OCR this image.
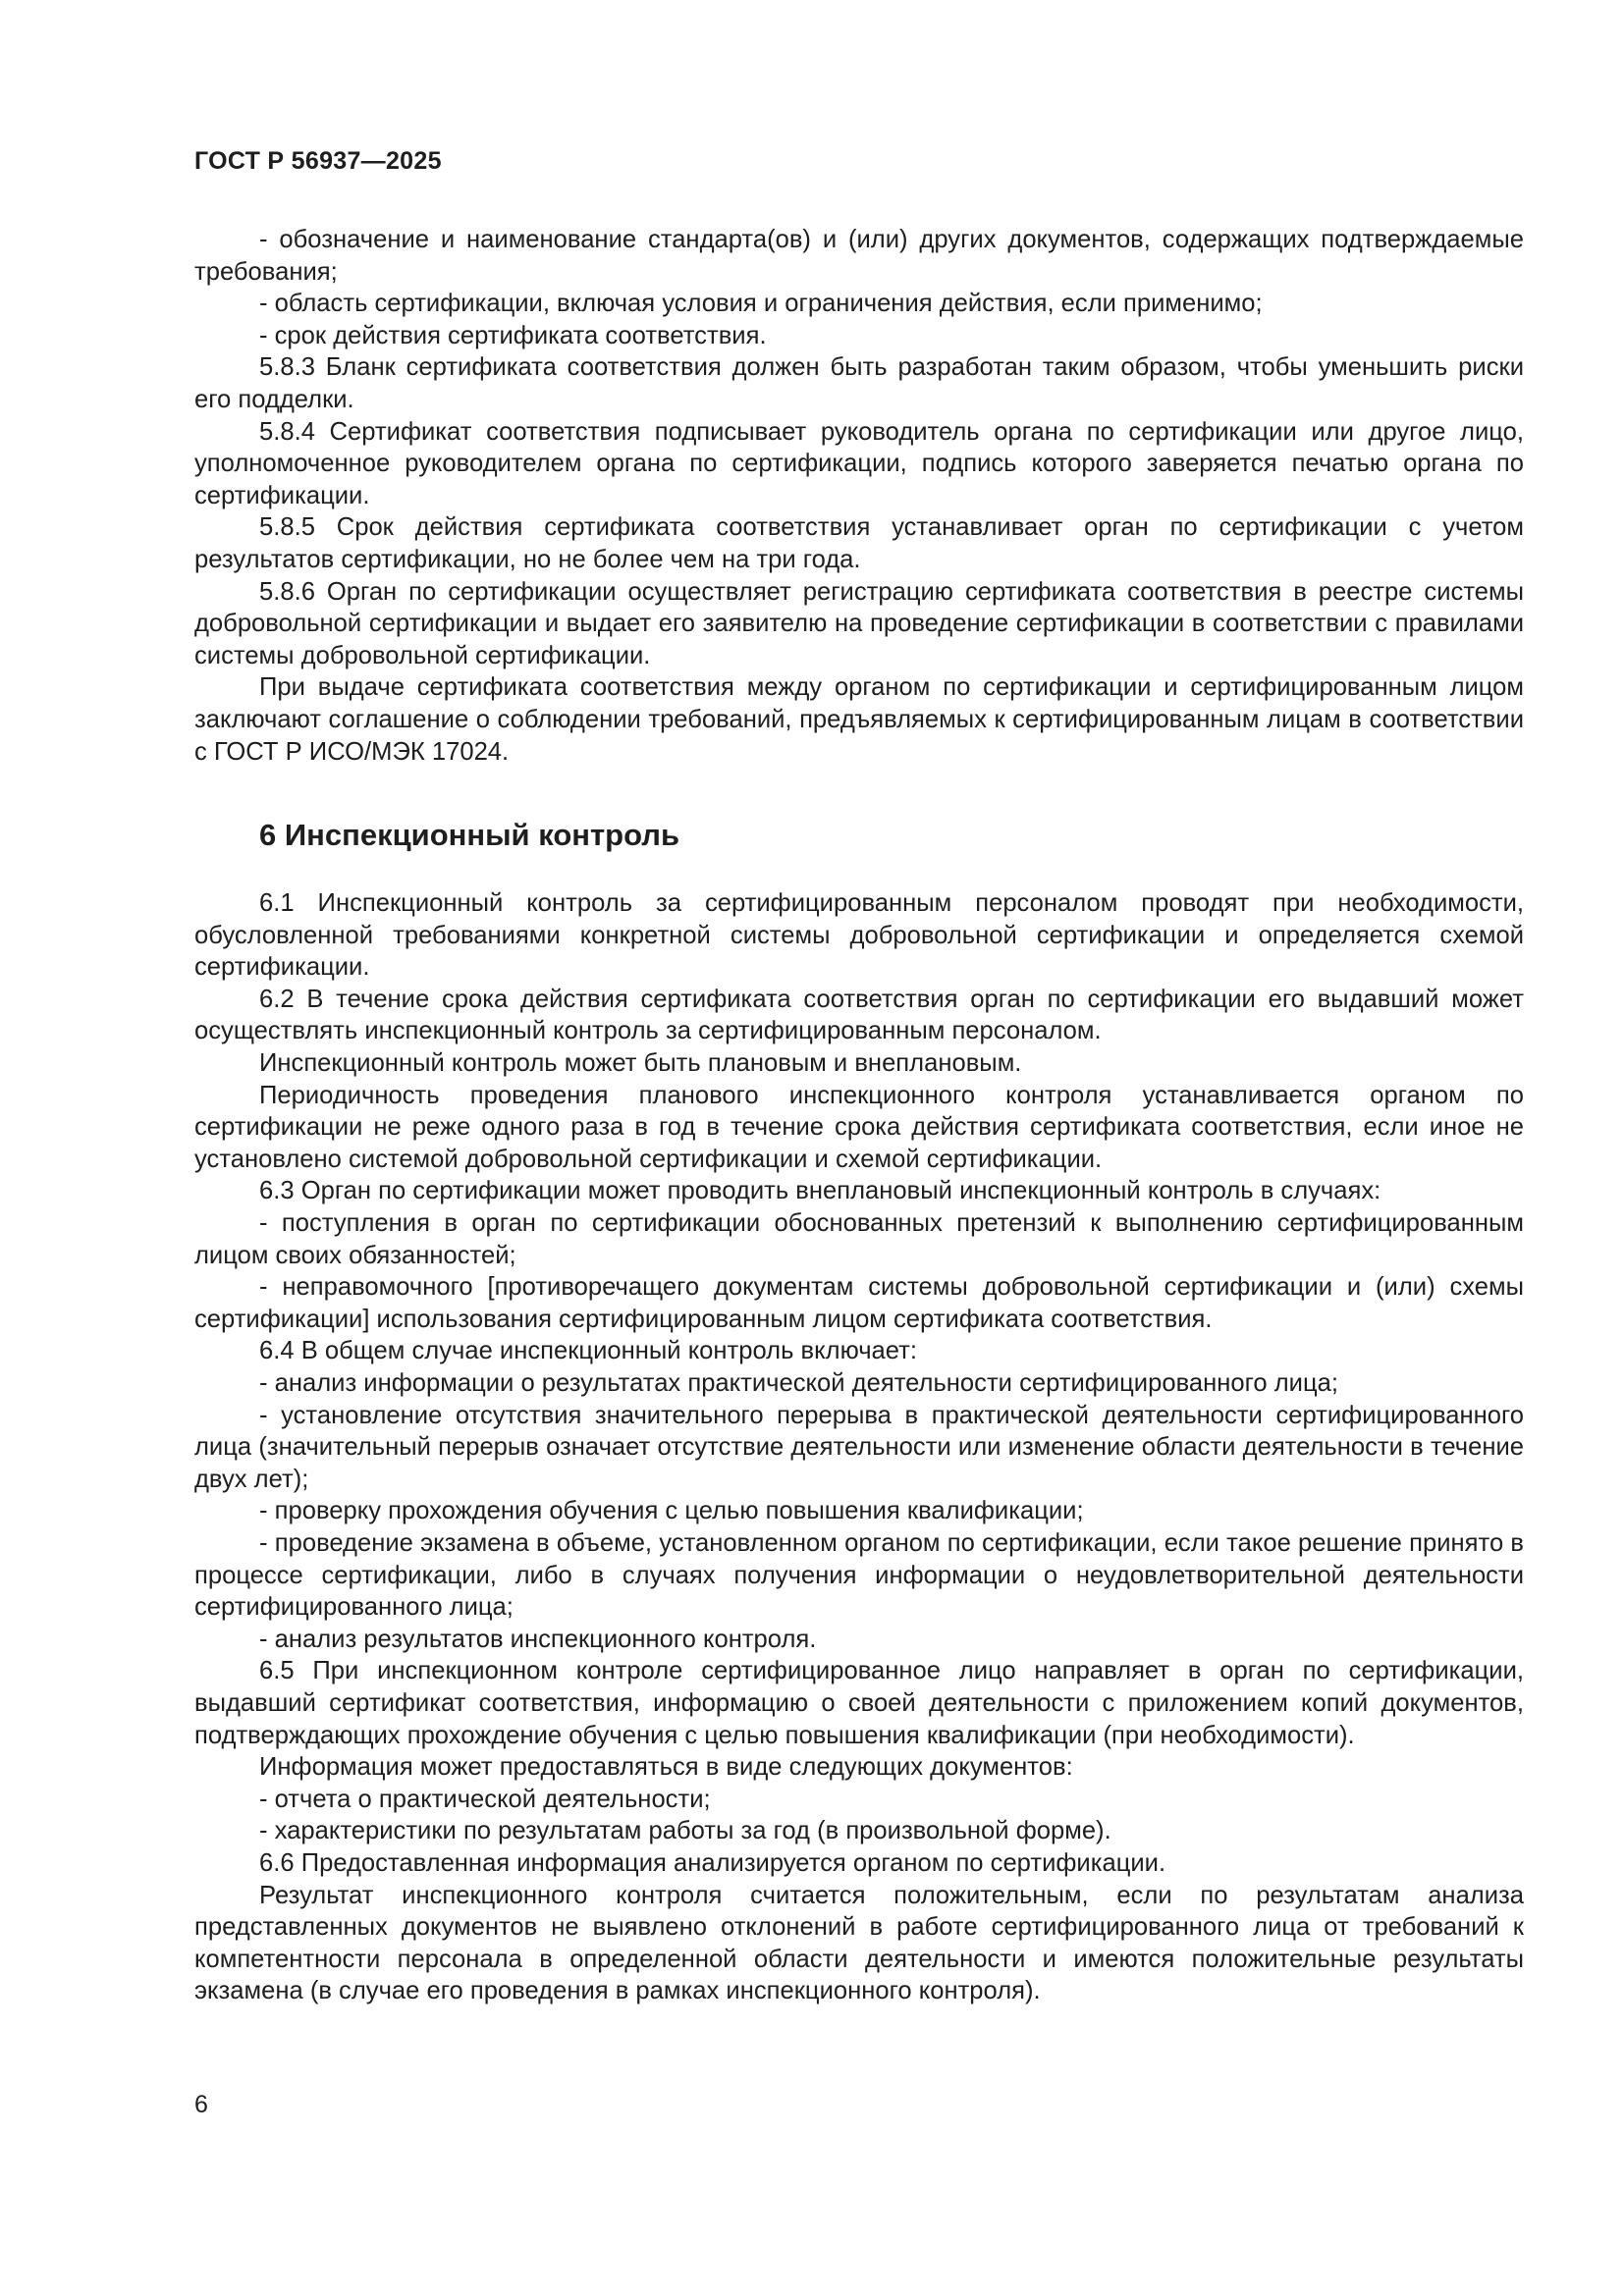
ГОСТ Р 56937—2025

- обозначение и наименование стандарта(ов) и (или) других документов, содержащих подтверждаемые требования;

- область сертификации, включая условия и ограничения действия, если применимо;

- срок действия сертификата соответствия.

5.8.3 Бланк сертификата соответствия должен быть разработан таким образом, чтобы уменьшить риски его подделки.

5.8.4 Сертификат соответствия подписывает руководитель органа по сертификации или другое лицо, уполномоченное руководителем органа по сертификации, подпись которого заверяется печатью органа по сертификации.

5.8.5 Срок действия сертификата соответствия устанавливает орган по сертификации с учетом результатов сертификации, но не более чем на три года.

5.8.6 Орган по сертификации осуществляет регистрацию сертификата соответствия в реестре системы добровольной сертификации и выдает его заявителю на проведение сертификации в соответствии с правилами системы добровольной сертификации.

При выдаче сертификата соответствия между органом по сертификации и сертифицированным лицом заключают соглашение о соблюдении требований, предъявляемых к сертифицированным лицам в соответствии с ГОСТ Р ИСО/МЭК 17024.

6 Инспекционный контроль

6.1 Инспекционный контроль за сертифицированным персоналом проводят при необходимости, обусловленной требованиями конкретной системы добровольной сертификации и определяется схемой сертификации.

6.2 В течение срока действия сертификата соответствия орган по сертификации его выдавший может осуществлять инспекционный контроль за сертифицированным персоналом.

Инспекционный контроль может быть плановым и внеплановым.

Периодичность проведения планового инспекционного контроля устанавливается органом по сертификации не реже одного раза в год в течение срока действия сертификата соответствия, если иное не установлено системой добровольной сертификации и схемой сертификации.

6.3 Орган по сертификации может проводить внеплановый инспекционный контроль в случаях:

- поступления в орган по сертификации обоснованных претензий к выполнению сертифицированным лицом своих обязанностей;

- неправомочного [противоречащего документам системы добровольной сертификации и (или) схемы сертификации] использования сертифицированным лицом сертификата соответствия.

6.4 В общем случае инспекционный контроль включает:

- анализ информации о результатах практической деятельности сертифицированного лица;

- установление отсутствия значительного перерыва в практической деятельности сертифицированного лица (значительный перерыв означает отсутствие деятельности или изменение области деятельности в течение двух лет);

- проверку прохождения обучения с целью повышения квалификации;

- проведение экзамена в объеме, установленном органом по сертификации, если такое решение принято в процессе сертификации, либо в случаях получения информации о неудовлетворительной деятельности сертифицированного лица;

- анализ результатов инспекционного контроля.

6.5 При инспекционном контроле сертифицированное лицо направляет в орган по сертификации, выдавший сертификат соответствия, информацию о своей деятельности с приложением копий документов, подтверждающих прохождение обучения с целью повышения квалификации (при необходимости).

Информация может предоставляться в виде следующих документов:

- отчета о практической деятельности;

- характеристики по результатам работы за год (в произвольной форме).

6.6 Предоставленная информация анализируется органом по сертификации.

Результат инспекционного контроля считается положительным, если по результатам анализа представленных документов не выявлено отклонений в работе сертифицированного лица от требований к компетентности персонала в определенной области деятельности и имеются положительные результаты экзамена (в случае его проведения в рамках инспекционного контроля).

6
